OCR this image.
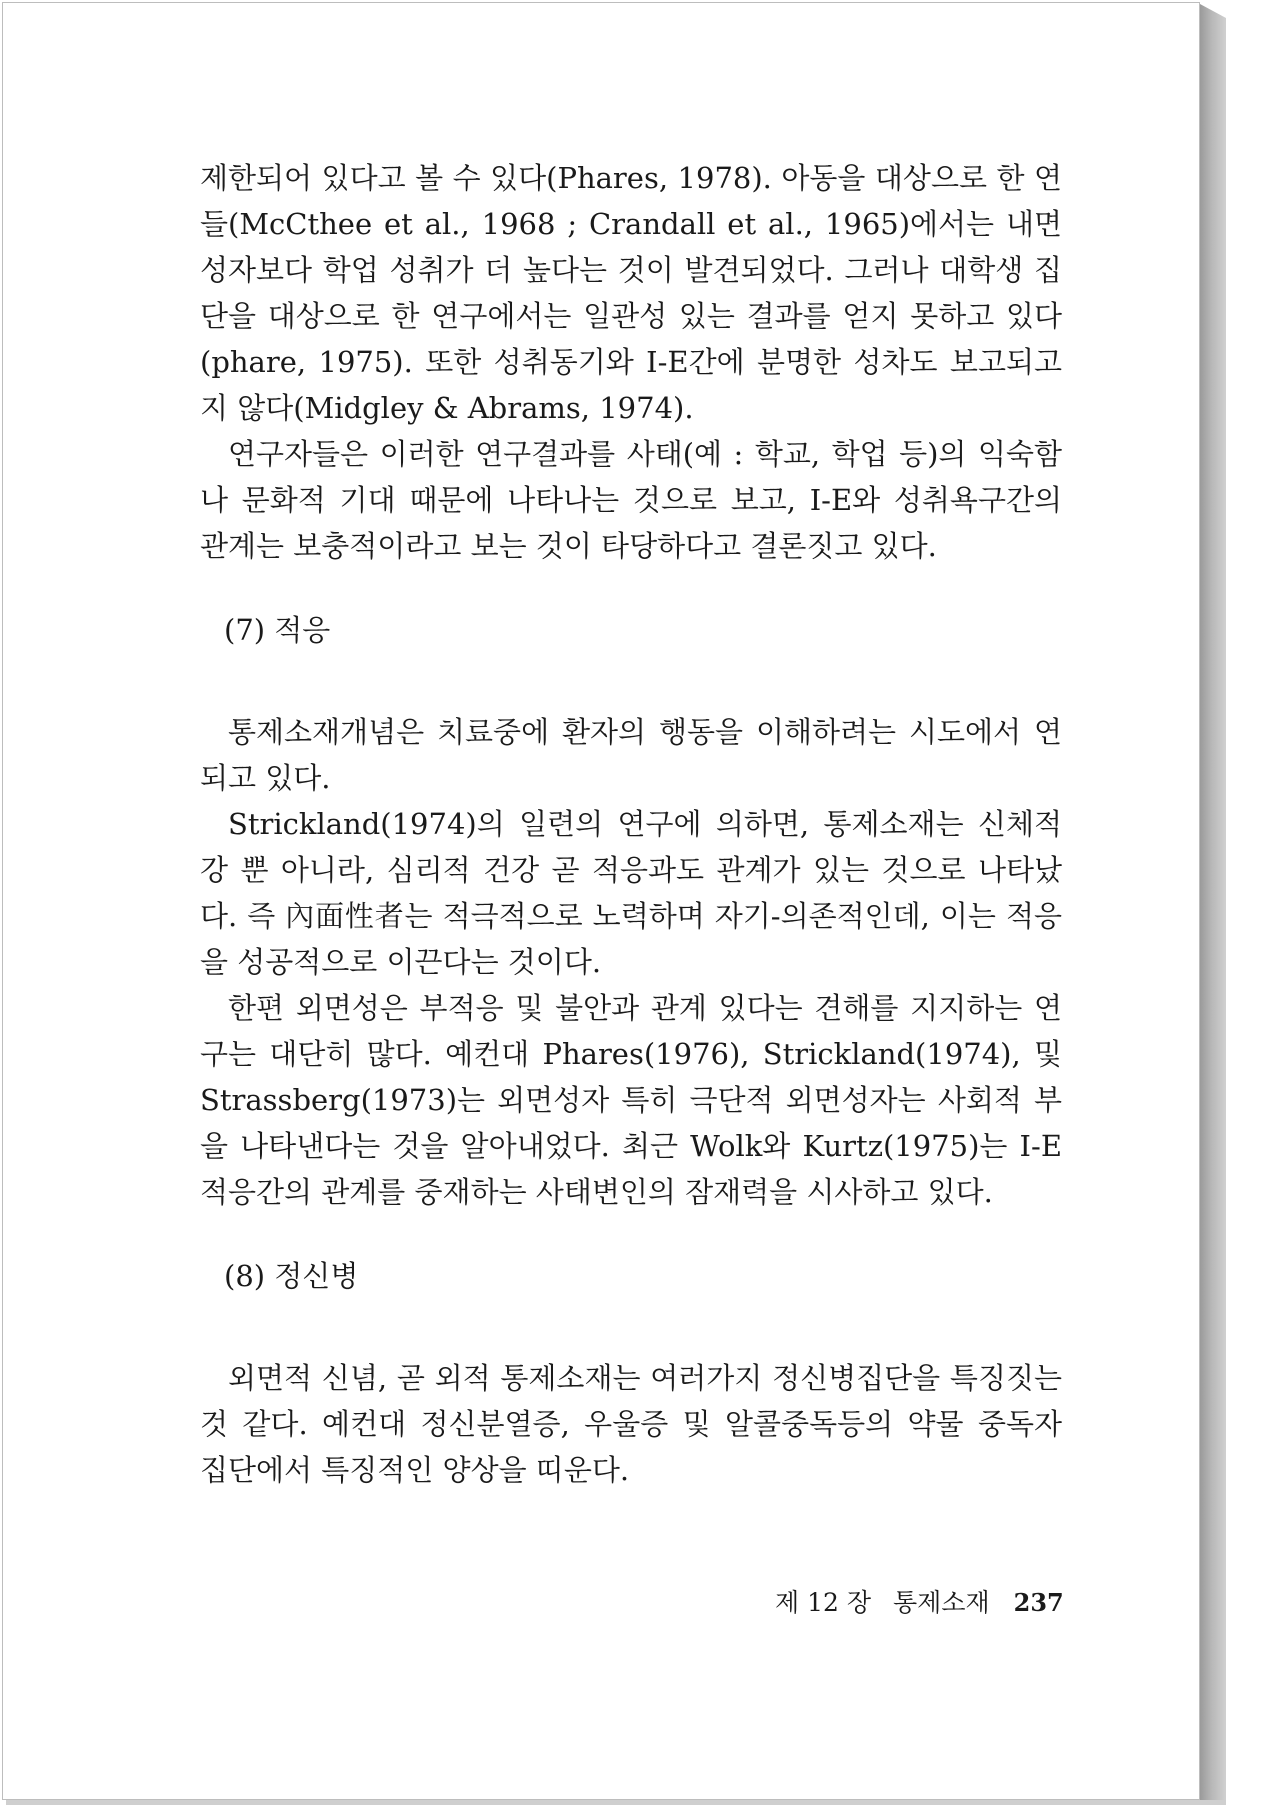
제한되어 있다고 볼 수 있다(Phares, 1978). 아동을 대상으로 한 연
들(McCthee et al., 1968 ; Crandall et al., 1965)에서는 내면
성자보다 학업 성취가 더 높다는 것이 발견되었다. 그러나 대학생 집
단을 대상으로 한 연구에서는 일관성 있는 결과를 얻지 못하고 있다
(phare, 1975). 또한 성취동기와 I-E간에 분명한 성차도 보고되고
지 않다(Midgley & Abrams, 1974).
연구자들은 이러한 연구결과를 사태(예 : 학교, 학업 등)의 익숙함
나 문화적 기대 때문에 나타나는 것으로 보고, I-E와 성취욕구간의
관계는 보충적이라고 보는 것이 타당하다고 결론짓고 있다.
(7) 적응
통제소재개념은 치료중에 환자의 행동을 이해하려는 시도에서 연
되고 있다.
Strickland(1974)의 일련의 연구에 의하면, 통제소재는 신체적
강 뿐 아니라, 심리적 건강 곧 적응과도 관계가 있는 것으로 나타났
다. 즉 內面性者는 적극적으로 노력하며 자기-의존적인데, 이는 적응
을 성공적으로 이끈다는 것이다.
한편 외면성은 부적응 및 불안과 관계 있다는 견해를 지지하는 연
구는 대단히 많다. 예컨대 Phares(1976), Strickland(1974), 및
Strassberg(1973)는 외면성자 특히 극단적 외면성자는 사회적 부
을 나타낸다는 것을 알아내었다. 최근 Wolk와 Kurtz(1975)는 I-E
적응간의 관계를 중재하는 사태변인의 잠재력을 시사하고 있다.
(8) 정신병
외면적 신념, 곧 외적 통제소재는 여러가지 정신병집단을 특징짓는
것 같다. 예컨대 정신분열증, 우울증 및 알콜중독등의 약물 중독자
집단에서 특징적인 양상을 띠운다.
제 12 장 통제소재 237
